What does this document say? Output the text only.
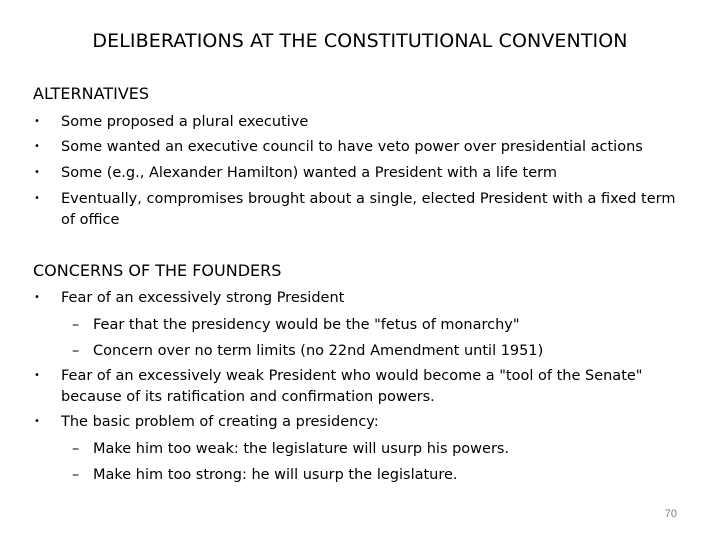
DELIBERATIONS AT THE CONSTITUTIONAL CONVENTION
ALTERNATIVES
• Some proposed a plural executive
• Some wanted an executive council to have veto power over presidential actions
• Some (e.g., Alexander Hamilton) wanted a President with a life term
• Eventually, compromises brought about a single, elected President with a fixed term
of office
CONCERNS OF THE FOUNDERS
• Fear of an excessively strong President
– Fear that the presidency would be the "fetus of monarchy"
– Concern over no term limits (no 22nd Amendment until 1951)
• Fear of an excessively weak President who would become a "tool of the Senate"
because of its ratification and confirmation powers.
• The basic problem of creating a presidency:
– Make him too weak: the legislature will usurp his powers.
– Make him too strong: he will usurp the legislature.
70
